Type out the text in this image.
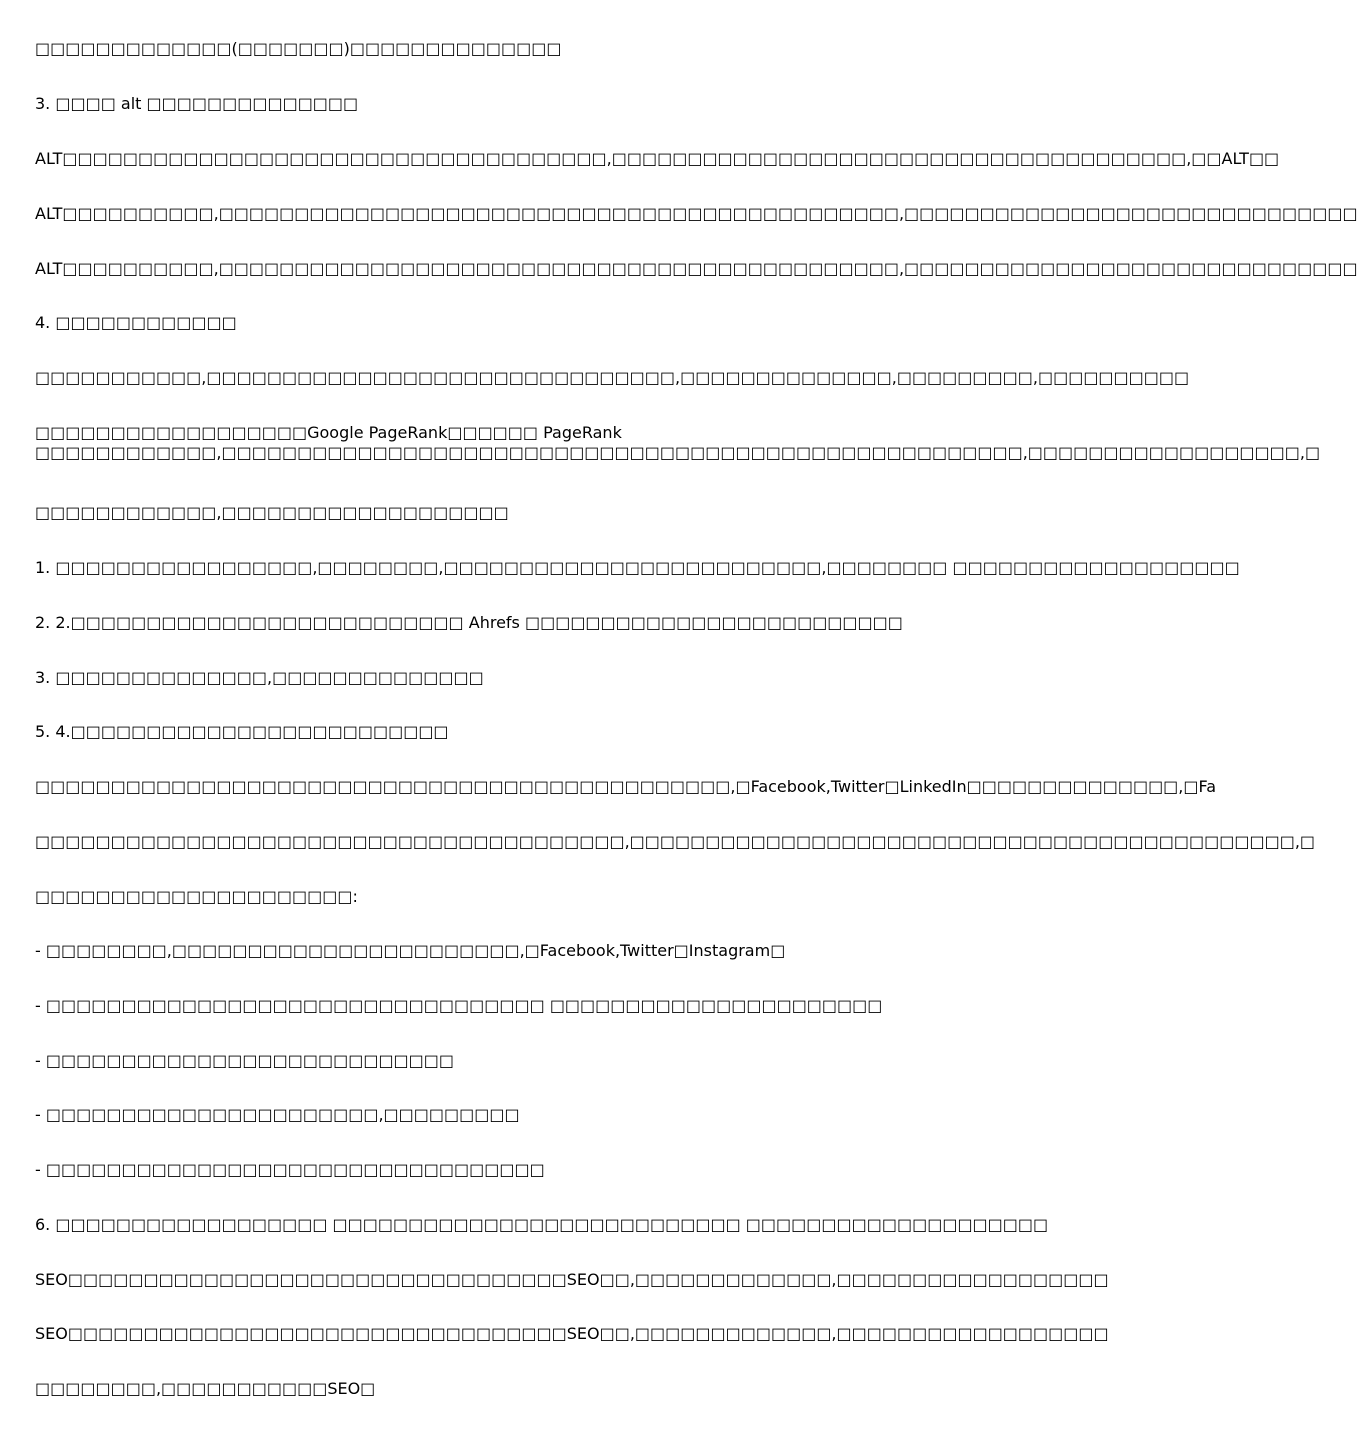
□□□□□□□□□□□□□(□□□□□□□)□□□□□□□□□□□□□□

3. □□□□ alt □□□□□□□□□□□□□□

ALT□□□□□□□□□□□□□□□□□□□□□□□□□□□□□□□□□□□□,□□□□□□□□□□□□□□□□□□□□□□□□□□□□□□□□□□□□□□,□□ALT□□

ALT□□□□□□□□□□,□□□□□□□□□□□□□□□□□□□□□□□□□□□□□□□□□□□□□□□□□□□□□,□□□□□□□□□□□□□□□□□□□□□□□□□□□□□□

ALT□□□□□□□□□□,□□□□□□□□□□□□□□□□□□□□□□□□□□□□□□□□□□□□□□□□□□□□□,□□□□□□□□□□□□□□□□□□□□□□□□□□□□□□

4. □□□□□□□□□□□□

□□□□□□□□□□□,□□□□□□□□□□□□□□□□□□□□□□□□□□□□□□□,□□□□□□□□□□□□□□,□□□□□□□□□,□□□□□□□□□□

□□□□□□□□□□□□□□□□□□Google PageRank□□□□□□ PageRank
□□□□□□□□□□□□,□□□□□□□□□□□□□□□□□□□□□□□□□□□□□□□□□□□□□□□□□□□□□□□□□□□□□,□□□□□□□□□□□□□□□□□□,□

□□□□□□□□□□□□,□□□□□□□□□□□□□□□□□□□

1. □□□□□□□□□□□□□□□□□,□□□□□□□□,□□□□□□□□□□□□□□□□□□□□□□□□□,□□□□□□□□ □□□□□□□□□□□□□□□□□□□

2. 2.□□□□□□□□□□□□□□□□□□□□□□□□□□ Ahrefs □□□□□□□□□□□□□□□□□□□□□□□□□

3. □□□□□□□□□□□□□□,□□□□□□□□□□□□□□

5. 4.□□□□□□□□□□□□□□□□□□□□□□□□□

□□□□□□□□□□□□□□□□□□□□□□□□□□□□□□□□□□□□□□□□□□□□□□,□Facebook,Twitter□LinkedIn□□□□□□□□□□□□□□,□Fa

□□□□□□□□□□□□□□□□□□□□□□□□□□□□□□□□□□□□□□□,□□□□□□□□□□□□□□□□□□□□□□□□□□□□□□□□□□□□□□□□□□□□,□

□□□□□□□□□□□□□□□□□□□□□:

- □□□□□□□□,□□□□□□□□□□□□□□□□□□□□□□□,□Facebook,Twitter□Instagram□

- □□□□□□□□□□□□□□□□□□□□□□□□□□□□□□□□□ □□□□□□□□□□□□□□□□□□□□□□

- □□□□□□□□□□□□□□□□□□□□□□□□□□□

- □□□□□□□□□□□□□□□□□□□□□□,□□□□□□□□□

- □□□□□□□□□□□□□□□□□□□□□□□□□□□□□□□□□

6. □□□□□□□□□□□□□□□□□□ □□□□□□□□□□□□□□□□□□□□□□□□□□□ □□□□□□□□□□□□□□□□□□□□

SEO□□□□□□□□□□□□□□□□□□□□□□□□□□□□□□□□□SEO□□,□□□□□□□□□□□□□,□□□□□□□□□□□□□□□□□□

SEO□□□□□□□□□□□□□□□□□□□□□□□□□□□□□□□□□SEO□□,□□□□□□□□□□□□□,□□□□□□□□□□□□□□□□□□

□□□□□□□□,□□□□□□□□□□□SEO□
